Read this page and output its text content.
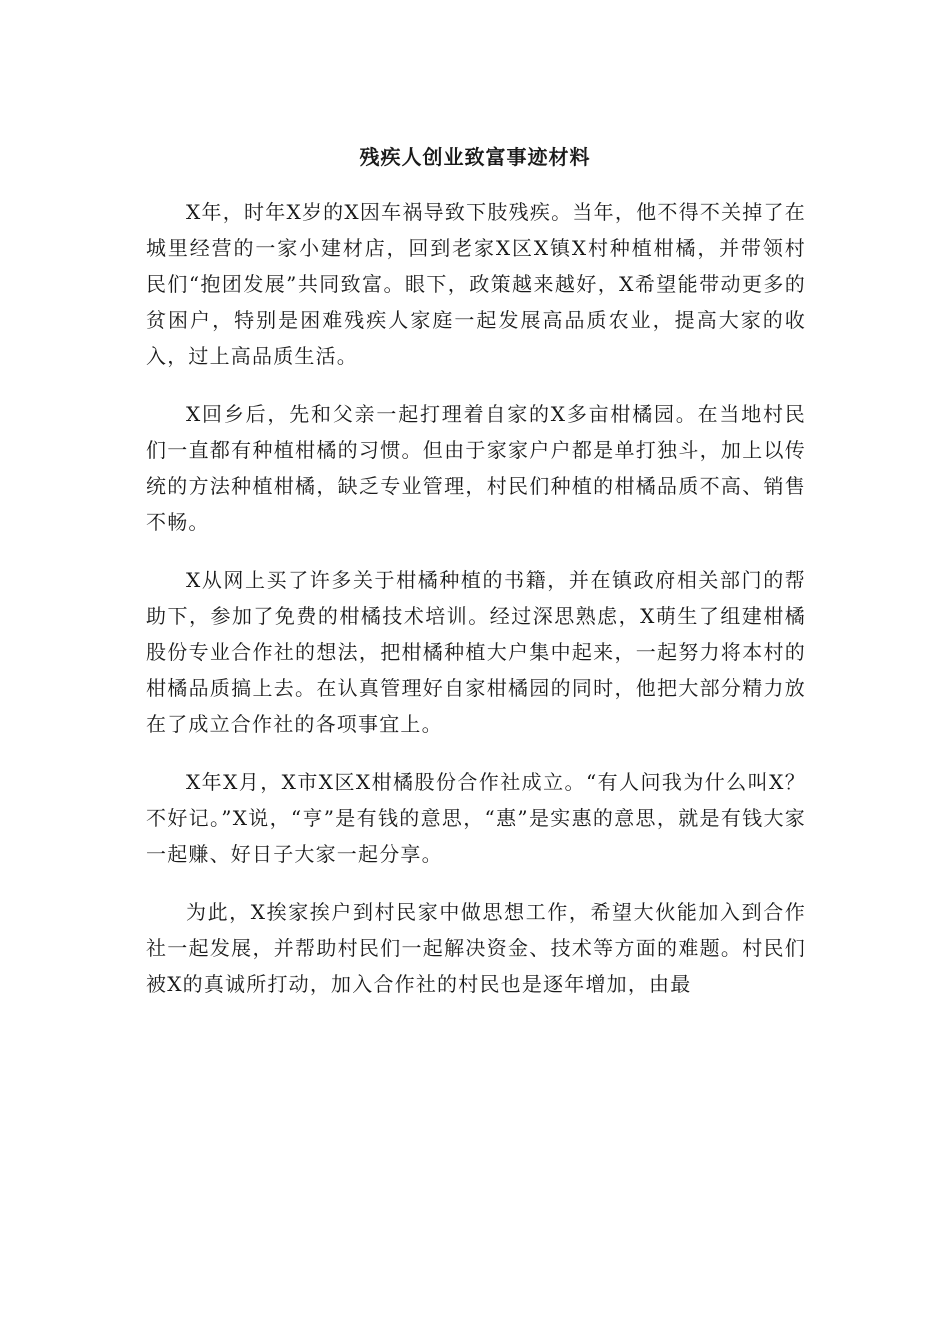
残疾人创业致富事迹材料

X年，时年X岁的X因车祸导致下肢残疾。当年，他不得不关掉了在城里经营的一家小建材店，回到老家X区X镇X村种植柑橘，并带领村民们“抱团发展”共同致富。眼下，政策越来越好，X希望能带动更多的贫困户，特别是困难残疾人家庭一起发展高品质农业，提高大家的收入，过上高品质生活。

X回乡后，先和父亲一起打理着自家的X多亩柑橘园。在当地村民们一直都有种植柑橘的习惯。但由于家家户户都是单打独斗，加上以传统的方法种植柑橘，缺乏专业管理，村民们种植的柑橘品质不高、销售不畅。

X从网上买了许多关于柑橘种植的书籍，并在镇政府相关部门的帮助下，参加了免费的柑橘技术培训。经过深思熟虑，X萌生了组建柑橘股份专业合作社的想法，把柑橘种植大户集中起来，一起努力将本村的柑橘品质搞上去。在认真管理好自家柑橘园的同时，他把大部分精力放在了成立合作社的各项事宜上。

X年X月，X市X区X柑橘股份合作社成立。“有人问我为什么叫X？不好记。”X说，“亨”是有钱的意思，“惠”是实惠的意思，就是有钱大家一起赚、好日子大家一起分享。

为此，X挨家挨户到村民家中做思想工作，希望大伙能加入到合作社一起发展，并帮助村民们一起解决资金、技术等方面的难题。村民们被X的真诚所打动，加入合作社的村民也是逐年增加，由最
